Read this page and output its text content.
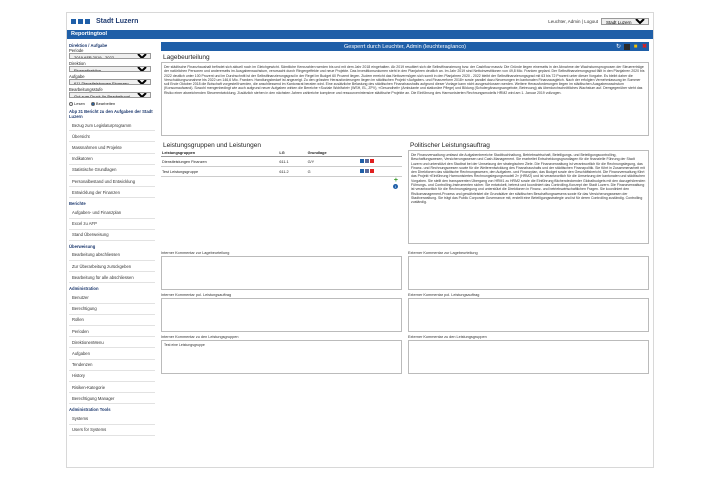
Stadt Luzern	Leuchter, Admin | Logout
Stadt Luzern
Reportingtool
Direktion / Aufgabe
Periode
2019 AFP 2019 - 2022
Direktion
Finanzdirektion
Aufgabe
611 Dienstleistungen Finanzen
Bearbeitungsstufe
Gut zum Druck (in Bearbeitung)
Lesen	Bearbeiten
Abp 31 Bericht zu den Aufgaben der Stadt Luzern
Bezug zum Legislaturprogramm
Übersicht
Massnahmen und Projekte
Indikatoren
Statistische Grundlagen
Personalbestand und Entwicklung
Entwicklung der Finanzen
Berichte
Aufgaben- und Finanzplan
Excel zu AFP
Stand Überweisung
Überweisung
Bearbeitung abschliessen
Zur Überarbeitung zurückgeben
Bearbeitung für alle abschliessen
Administration
Benutzer
Berechtigung
Rollen
Perioden
DirektionenMenu
Aufgaben
Tendenzen
History
Risiken-Kategorie
Berechtigung Manager
Administration Tools
Systems
Users for Systems
Gesperrt durch Leuchter, Admin (leuchterag\anco)	↻ ■ ✖
Lagebeurteilung
Der städtische Finanzhaushalt befindet sich aktuell noch im Gleichgewicht. Sämtliche Kennzahlen werden bis und mit dem Jahr 2018 eingehalten. Ab 2019 resultiert sich die Selbstfinanzierung bzw. der Cashflow massiv. Die Gründe liegen einerseits in der Abnahme der Wachstumsprognosen der Steuererträge der natürlichen Personen und andererseits im Ausgabenwachstum, verursacht durch Ringergeffekte und neue Projekte. Das Investitionsvolumen steht in den Planjahren deutlich an. Im Jahr 2019 sind Nettoinvestitionen von 49,8 Mio. Franken geplant. Der Selbstfinanzierungsgrad fällt in den Planjahren 2020 bis 2022 deutlich unter 100 Prozent und im Durchschnitt ist der Selbstfinanzierungsgrad in der Regel im Budget 60 Prozent liegen. Zudem erreicht das Nettovermögen sich somit in den Planjahren 2020 - 2022 bleibt der Selbstfinanzierungsgrad mit 63 bis 72 Prozent unter dieser Vorgabe. Es bleibt daher die Verschuldungszunahme bis 2022 um 146,6 Mio. Franken. Handlungsbedarf ist angezeigt. Zu den grössten Herausforderungen liegen im städtischen Projekt «Aufgaben- und Finanzreform 2018» sowie parallel dazu Neuerungen im kantonalen Finanzausgleich. Nach der erfolgten Vernehmlassung im Sommer soll Ende Oktober 2018 die Botschaft vorgestellt werden, die anschliessend im Kantonsrat beraten wird. Eine zusätzliche Belastung des städtischen Finanzhaushalts aufgrund dieser Vorlage kann nicht ausgeschlossen werden. Weitere Herausforderungen liegen im städtischen Ausgabenwachstum (Konsumaufwand). Sowohl mengenbedingt wie auch aufgrund neuer Aufgaben wirken die Bereiche «Soziale Wohlfahrt» (WSH, EL, ZPV), «Gesundheit» (Ambulante und stationäre Pflege) und Bildung (Schulergänzungsangebote, Betreuung) als überdurchschnittliches Wachstum auf. Demgegenüber steht das Risiko einer abweichenden Steuerentwicklung. Zusätzlich stehen in den nächsten Jahren zahlreiche komplexe und ressourcenintensive städtische Projekte an. Die Einführung des Harmonisierten Rechnungsmodells HRM2 wird am 1. Januar 2019 vollzogen.
Leistungsgruppen und Leistungen
Leistungsgruppen	LG	Grundlage	
Dienstleistungen Finanzen	611.1	G/Y	
Test Leistungsgruppe	611.2	G	
+
i
Politischer Leistungsauftrag
Die Finanzverwaltung umfasst die Aufgabenbereiche Stadtbuchhaltung, Betriebswirtschaft, Beteiligungs- und Beteiligungscontrolling, Beschaffungswesen, Versicherungswesen und Cash-Management. Sie erarbeitet Entscheidungsgrundlagen für die finanzielle Führung der Stadt Luzern und unterstützt den Stadtrat bei der Umsetzung der strategischen Ziele. Die Finanzverwaltung ist verantwortlich für die Rechnungslegung, das Finanz- und Rechnungswesen sowie für die Weiterentwicklung des Finanzhaushalts und der städtischen Finanzpolitik. Sie führt in Zusammenarbeit mit den Direktionen das städtische Rechnungswesen, den Aufgaben- und Finanzplan, das Budget sowie den Geschäftsbericht. Die Finanzverwaltung führt das Projekt «Einführung Harmonisiertes Rechnungslegungsmodell 2» (HRM2) und ist verantwortlich für die Umsetzung der kantonalen und städtischen Vorgaben. Sie stellt den transparenten Übergang von HRM1 zu HRM2 sowie die Einführung flächendeckender Globalbudgets mit den dazugehörenden Führungs- und Controlling-Instrumenten sicher. Sie entwickelt, betreut und koordiniert das Controlling-Konzept der Stadt Luzern. Die Finanzverwaltung ist verantwortlich für die Rechnungslegung und unterstützt die Direktionen in Finanz- und betriebswirtschaftlichen Fragen. Sie koordiniert den Risikomanagement-Prozess und gewährleistet die Grundsätze der städtischen Beschaffungswesens sowie für das Versicherungswesen der Stadtverwaltung. Sie trägt das Public Corporate Governance mit, erstellt eine Beteiligungsstrategie und ist für deren Controlling zuständig. Controlling zuständig.
Interner Kommentar zur Lagebeurteilung
Interner Kommentar pol. Leistungsauftrag
Interner Kommentar zu den Leistungsgruppen
Test eine Leistungsgruppe
Externer Kommentar zur Lagebeurteilung
Externer Kommentar pol. Leistungsauftrag
Externer Kommentar zu den Leistungsgruppen
